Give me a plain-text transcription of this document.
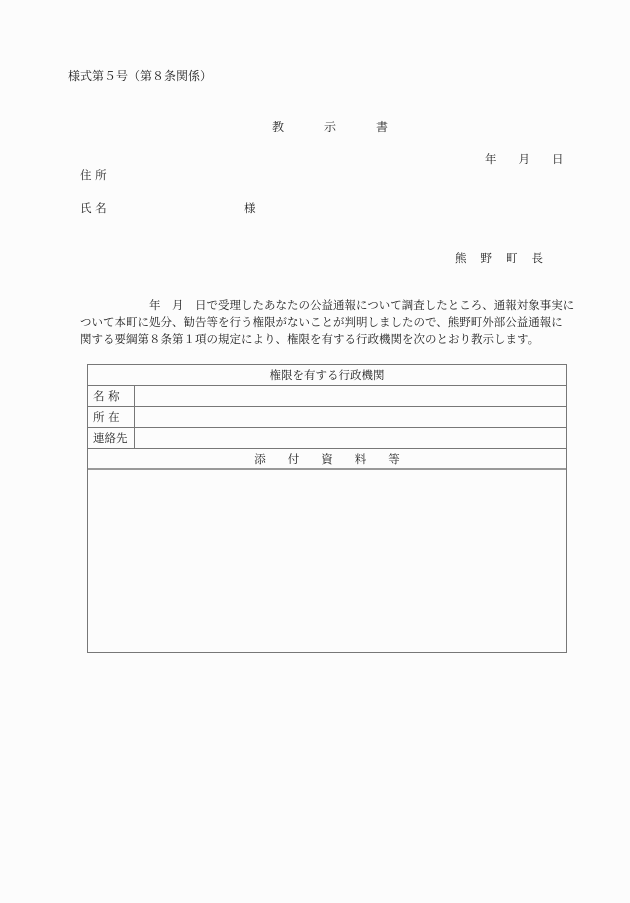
様式第５号（第８条関係）
教	示	書
年 月 日
住 所
氏 名	様
熊 野 町 長
　　　　　　年　月　日で受理したあなたの公益通報について調査したところ、通報対象事実に
ついて本町に処分、勧告等を行う権限がないことが判明しましたので、熊野町外部公益通報に
関する要綱第８条第１項の規定により、権限を有する行政機関を次のとおり教示します。
権限を有する行政機関
名 称
所 在
連絡先
添 付 資 料 等
